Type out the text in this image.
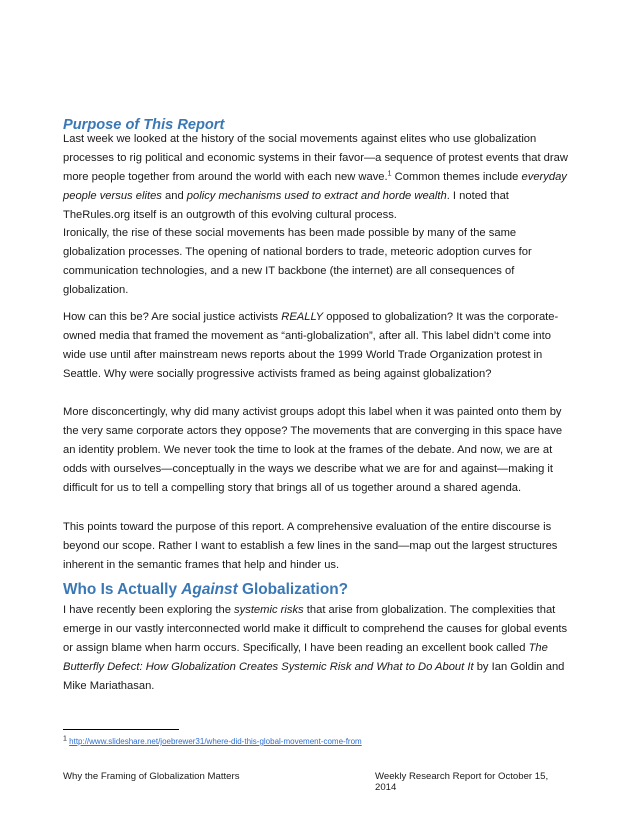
Purpose of This Report

Last week we looked at the history of the social movements against elites who use globalization processes to rig political and economic systems in their favor—a sequence of protest events that draw more people together from around the world with each new wave.$^1$ Common themes include everyday people versus elites and policy mechanisms used to extract and horde wealth. I noted that TheRules.org itself is an outgrowth of this evolving cultural process.

Ironically, the rise of these social movements has been made possible by many of the same globalization processes. The opening of national borders to trade, meteoric adoption curves for communication technologies, and a new IT backbone (the internet) are all consequences of globalization.

How can this be? Are social justice activists REALLY opposed to globalization? It was the corporate-owned media that framed the movement as “anti-globalization”, after all. This label didn’t come into wide use until after mainstream news reports about the 1999 World Trade Organization protest in Seattle. Why were socially progressive activists framed as being against globalization?

More disconcertingly, why did many activist groups adopt this label when it was painted onto them by the very same corporate actors they oppose? The movements that are converging in this space have an identity problem. We never took the time to look at the frames of the debate. And now, we are at odds with ourselves—conceptually in the ways we describe what we are for and against—making it difficult for us to tell a compelling story that brings all of us together around a shared agenda.

This points toward the purpose of this report. A comprehensive evaluation of the entire discourse is beyond our scope. Rather I want to establish a few lines in the sand—map out the largest structures inherent in the semantic frames that help and hinder us.

Who Is Actually Against Globalization?

I have recently been exploring the systemic risks that arise from globalization. The complexities that emerge in our vastly interconnected world make it difficult to comprehend the causes for global events or assign blame when harm occurs. Specifically, I have been reading an excellent book called The Butterfly Defect: How Globalization Creates Systemic Risk and What to Do About It by Ian Goldin and Mike Mariathasan.

$^1$ http://www.slideshare.net/joebrewer31/where-did-this-global-movement-come-from
Why the Framing of Globalization Matters	Weekly Research Report for October 15, 2014
